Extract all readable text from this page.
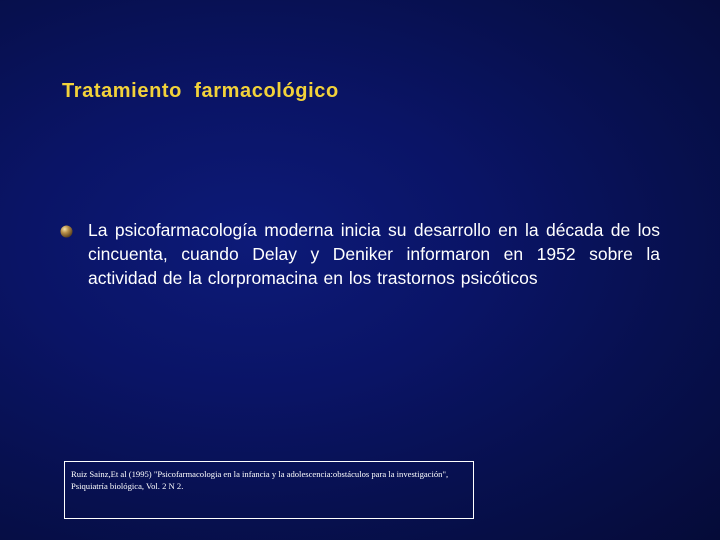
Tratamiento  farmacológico
La psicofarmacología moderna inicia su desarrollo en la década de los cincuenta, cuando Delay y Deniker informaron en 1952 sobre la actividad de la clorpromacina en los trastornos psicóticos
Ruiz Sainz,Et al (1995) "Psicofarmacologia en la infancia y la adolescencia:obstáculos para la investigación",
Psiquiatría biológica, Vol. 2 N 2.
